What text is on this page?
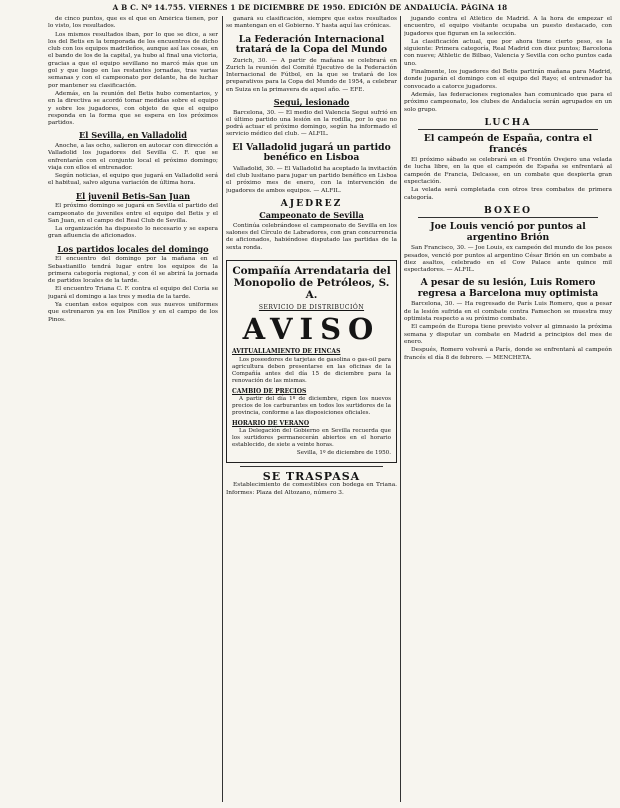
A B C. Nº 14.755. VIERNES 1 DE DICIEMBRE DE 1950. EDICIÓN DE ANDALUCÍA. PÁGINA 18

de cinco puntos, que es el que en América tienen, por lo visto, los resultados.

Los mismos resultados iban, por lo que se dice, a ser los del Betis en la temporada de los encuentros de dicho club con los equipos madrileños, aunque así las cosas, en el bando de los de la capital, ya hubo al final una victoria, gracias a que el equipo sevillano no marcó más que un gol y que luego en las restantes jornadas, tras varias semanas y con el campeonato por delante, ha de luchar por mantener su clasificación.

Además, en la reunión del Betis hubo comentarios, y en la directiva se acordó tomar medidas sobre el equipo y sobre los jugadores, con objeto de que el equipo responda en la forma que se espera en los próximos partidos.

El Sevilla, en Valladolid

Anoche, a las ocho, salieron en autocar con dirección a Valladolid los jugadores del Sevilla C. F. que se enfrentarán con el conjunto local el próximo domingo; viaja con ellos el entrenador.

Según noticias, el equipo que jugará en Valladolid será el habitual, salvo alguna variación de última hora.

El juvenil Betis-San Juan

El próximo domingo se jugará en Sevilla el partido del campeonato de juveniles entre el equipo del Betis y el San Juan, en el campo del Real Club de Sevilla.

La organización ha dispuesto lo necesario y se espera gran afluencia de aficionados.

Los partidos locales del domingo

El encuentro del domingo por la mañana en el Sebastianillo tendrá lugar entre los equipos de la primera categoría regional, y con él se abrirá la jornada de partidos locales de la tarde.

El encuentro Triana C. F. contra el equipo del Coria se jugará el domingo a las tres y media de la tarde.

Ya cuentan estos equipos con sus nuevos uniformes que estrenaron ya en los Pinillos y en el campo de los Pinos.

ganará su clasificación, siempre que estos resultados se mantengan en el Gobierno. Y hasta aquí las crónicas.

La Federación Internacional tratará de la Copa del Mundo

Zurich, 30. — A partir de mañana se celebrará en Zurich la reunión del Comité Ejecutivo de la Federación Internacional de Fútbol, en la que se tratará de los preparativos para la Copa del Mundo de 1954, a celebrar en Suiza en la primavera de aquel año. — EFE.

Segui, lesionado

Barcelona, 30. — El medio del Valencia Segui sufrió en el último partido una lesión en la rodilla, por lo que no podrá actuar el próximo domingo, según ha informado el servicio médico del club. — ALFIL.

El Valladolid jugará un partido benéfico en Lisboa

Valladolid, 30. — El Valladolid ha aceptado la invitación del club lusitano para jugar un partido benéfico en Lisboa el próximo mes de enero, con la intervención de jugadores de ambos equipos. — ALFIL.

AJEDREZ
Campeonato de Sevilla

Continúa celebrándose el campeonato de Sevilla en los salones del Círculo de Labradores, con gran concurrencia de aficionados, habiéndose disputado las partidas de la sexta ronda.

Compañía Arrendataria del Monopolio de Petróleos, S. A.
SERVICIO DE DISTRIBUCIÓN
AVISO
AVITUALLAMIENTO DE FINCAS

Los poseedores de tarjetas de gasolina o gas-oil para agricultura deben presentarse en las oficinas de la Compañía antes del día 15 de diciembre para la renovación de las mismas.

CAMBIO DE PRECIOS

A partir del día 1º de diciembre, rigen los nuevos precios de los carburantes en todos los surtidores de la provincia, conforme a las disposiciones oficiales.

HORARIO DE VERANO

La Delegación del Gobierno en Sevilla recuerda que los surtidores permanecerán abiertos en el horario establecido, de siete a veinte horas.

Sevilla, 1º de diciembre de 1950.

SE TRASPASA

Establecimiento de comestibles con bodega en Triana. Informes: Plaza del Altozano, número 3.

jugando contra el Atlético de Madrid. A la hora de empezar el encuentro, el equipo visitante ocupaba un puesto destacado, con jugadores que figuran en la selección.

La clasificación actual, que por ahora tiene cierto peso, es la siguiente: Primera categoría, Real Madrid con diez puntos; Barcelona con nueve; Athletic de Bilbao, Valencia y Sevilla con ocho puntos cada uno.

Finalmente, los jugadores del Betis partirán mañana para Madrid, donde jugarán el domingo con el equipo del Rayo; el entrenador ha convocado a catorce jugadores.

Además, las federaciones regionales han comunicado que para el próximo campeonato, los clubes de Andalucía serán agrupados en un solo grupo.

LUCHA
El campeón de España, contra el francés

El próximo sábado se celebrará en el Frontón Ovejero una velada de lucha libre, en la que el campeón de España se enfrentará al campeón de Francia, Delcasse, en un combate que despierta gran expectación.

La velada será completada con otros tres combates de primera categoría.

BOXEO
Joe Louis venció por puntos al argentino Brión

San Francisco, 30. — Joe Louis, ex campeón del mundo de los pesos pesados, venció por puntos al argentino César Brión en un combate a diez asaltos, celebrado en el Cow Palace ante quince mil espectadores. — ALFIL.

A pesar de su lesión, Luis Romero regresa a Barcelona muy optimista

Barcelona, 30. — Ha regresado de París Luis Romero, que a pesar de la lesión sufrida en el combate contra Famechon se muestra muy optimista respecto a su próximo combate.

El campeón de Europa tiene previsto volver al gimnasio la próxima semana y disputar un combate en Madrid a principios del mes de enero.

Después, Romero volverá a París, donde se enfrentará al campeón francés el día 8 de febrero. — MENCHETA.
